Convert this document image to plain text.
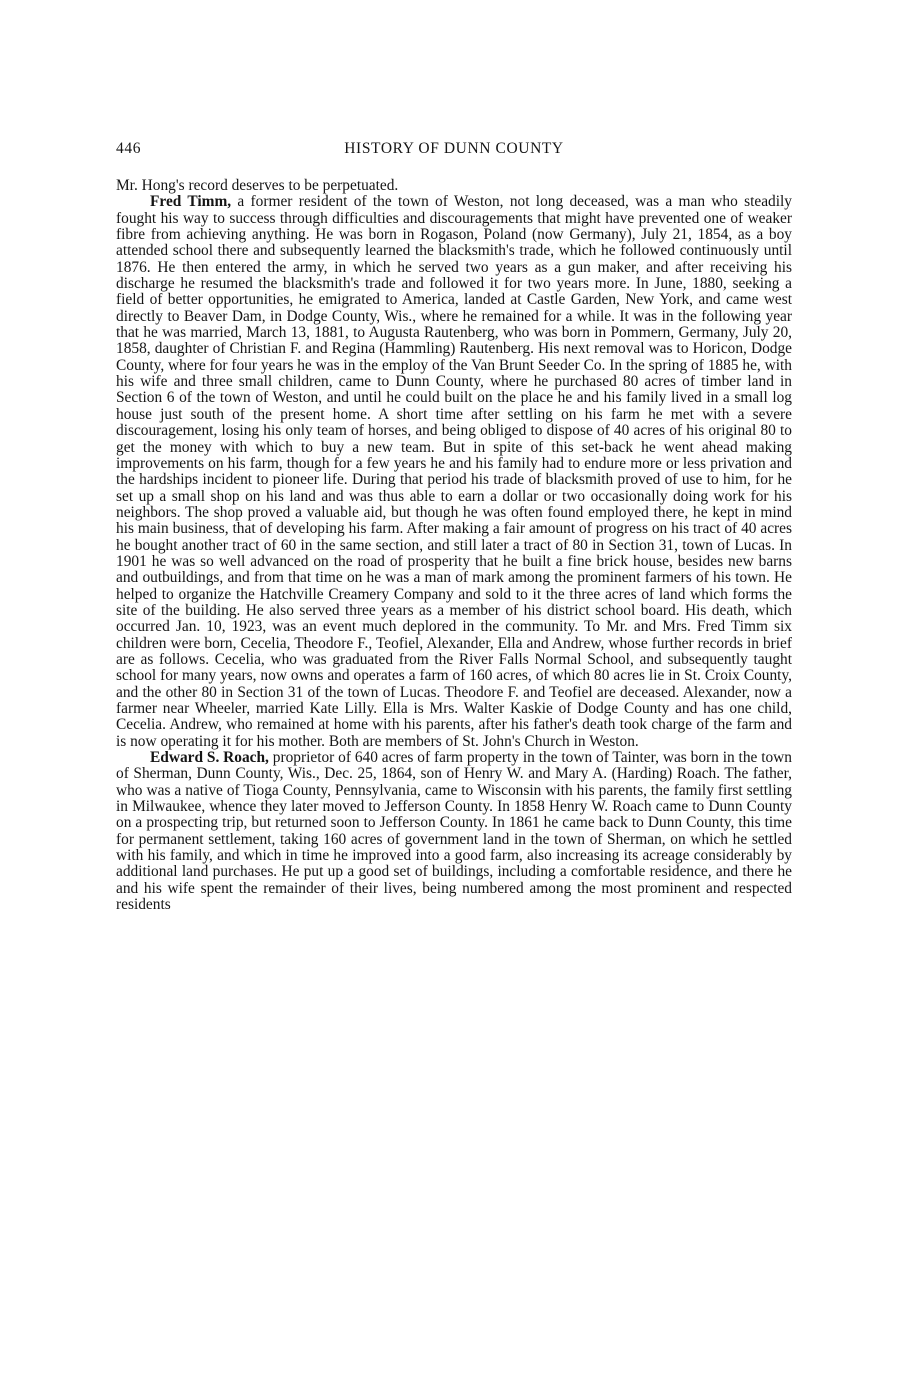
446	HISTORY OF DUNN COUNTY

Mr. Hong's record deserves to be perpetuated.

Fred Timm, a former resident of the town of Weston, not long deceased, was a man who steadily fought his way to success through difficulties and discouragements that might have prevented one of weaker fibre from achieving anything. He was born in Rogason, Poland (now Germany), July 21, 1854, as a boy attended school there and subsequently learned the blacksmith's trade, which he followed continuously until 1876. He then entered the army, in which he served two years as a gun maker, and after receiving his discharge he resumed the blacksmith's trade and followed it for two years more. In June, 1880, seeking a field of better opportunities, he emigrated to America, landed at Castle Garden, New York, and came west directly to Beaver Dam, in Dodge County, Wis., where he remained for a while. It was in the following year that he was married, March 13, 1881, to Augusta Rautenberg, who was born in Pommern, Germany, July 20, 1858, daughter of Christian F. and Regina (Hammling) Rautenberg. His next removal was to Horicon, Dodge County, where for four years he was in the employ of the Van Brunt Seeder Co. In the spring of 1885 he, with his wife and three small children, came to Dunn County, where he purchased 80 acres of timber land in Section 6 of the town of Weston, and until he could built on the place he and his family lived in a small log house just south of the present home. A short time after settling on his farm he met with a severe discouragement, losing his only team of horses, and being obliged to dispose of 40 acres of his original 80 to get the money with which to buy a new team. But in spite of this set-back he went ahead making improvements on his farm, though for a few years he and his family had to endure more or less privation and the hardships incident to pioneer life. During that period his trade of blacksmith proved of use to him, for he set up a small shop on his land and was thus able to earn a dollar or two occasionally doing work for his neighbors. The shop proved a valuable aid, but though he was often found employed there, he kept in mind his main business, that of developing his farm. After making a fair amount of progress on his tract of 40 acres he bought another tract of 60 in the same section, and still later a tract of 80 in Section 31, town of Lucas. In 1901 he was so well advanced on the road of prosperity that he built a fine brick house, besides new barns and outbuildings, and from that time on he was a man of mark among the prominent farmers of his town. He helped to organize the Hatchville Creamery Company and sold to it the three acres of land which forms the site of the building. He also served three years as a member of his district school board. His death, which occurred Jan. 10, 1923, was an event much deplored in the community. To Mr. and Mrs. Fred Timm six children were born, Cecelia, Theodore F., Teofiel, Alexander, Ella and Andrew, whose further records in brief are as follows. Cecelia, who was graduated from the River Falls Normal School, and subsequently taught school for many years, now owns and operates a farm of 160 acres, of which 80 acres lie in St. Croix County, and the other 80 in Section 31 of the town of Lucas. Theodore F. and Teofiel are deceased. Alexander, now a farmer near Wheeler, married Kate Lilly. Ella is Mrs. Walter Kaskie of Dodge County and has one child, Cecelia. Andrew, who remained at home with his parents, after his father's death took charge of the farm and is now operating it for his mother. Both are members of St. John's Church in Weston.

Edward S. Roach, proprietor of 640 acres of farm property in the town of Tainter, was born in the town of Sherman, Dunn County, Wis., Dec. 25, 1864, son of Henry W. and Mary A. (Harding) Roach. The father, who was a native of Tioga County, Pennsylvania, came to Wisconsin with his parents, the family first settling in Milwaukee, whence they later moved to Jefferson County. In 1858 Henry W. Roach came to Dunn County on a prospecting trip, but returned soon to Jefferson County. In 1861 he came back to Dunn County, this time for permanent settlement, taking 160 acres of government land in the town of Sherman, on which he settled with his family, and which in time he improved into a good farm, also increasing its acreage considerably by additional land purchases. He put up a good set of buildings, including a comfortable residence, and there he and his wife spent the remainder of their lives, being numbered among the most prominent and respected residents
